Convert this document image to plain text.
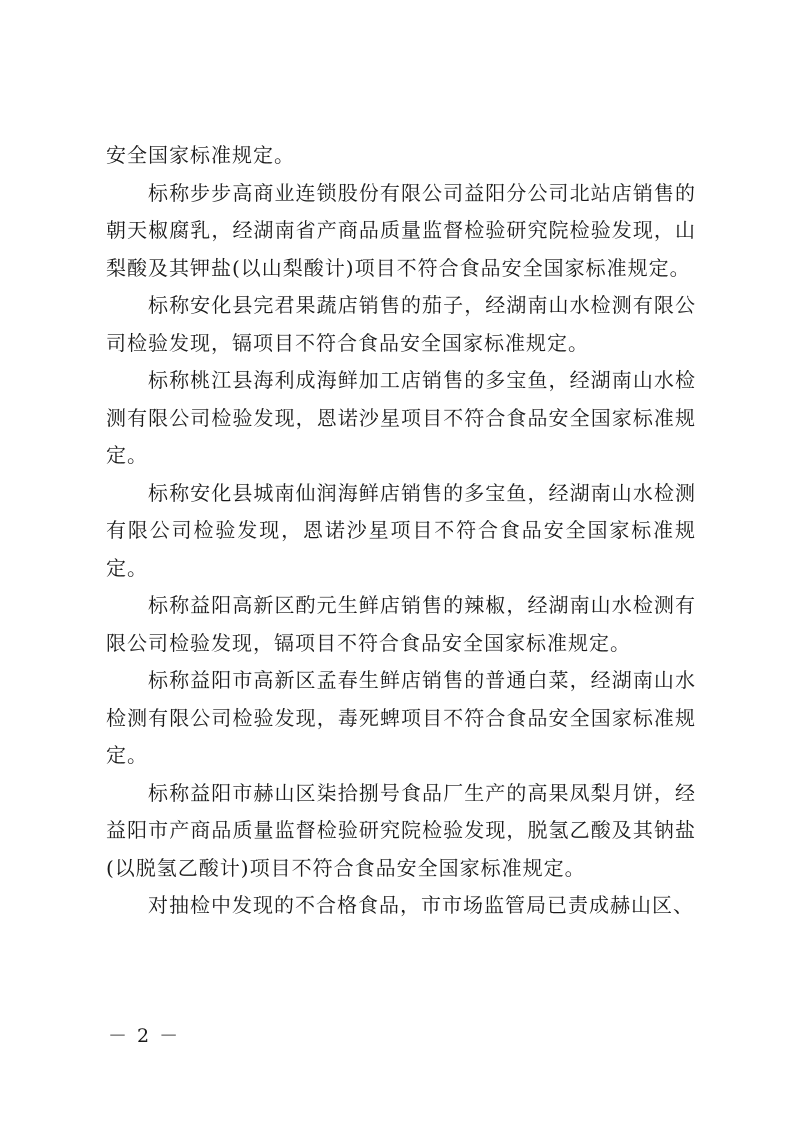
安全国家标准规定。

标称步步高商业连锁股份有限公司益阳分公司北站店销售的朝天椒腐乳，经湖南省产商品质量监督检验研究院检验发现，山梨酸及其钾盐(以山梨酸计)项目不符合食品安全国家标准规定。

标称安化县完君果蔬店销售的茄子，经湖南山水检测有限公司检验发现，镉项目不符合食品安全国家标准规定。

标称桃江县海利成海鲜加工店销售的多宝鱼，经湖南山水检测有限公司检验发现，恩诺沙星项目不符合食品安全国家标准规定。

标称安化县城南仙润海鲜店销售的多宝鱼，经湖南山水检测有限公司检验发现，恩诺沙星项目不符合食品安全国家标准规定。

标称益阳高新区酌元生鲜店销售的辣椒，经湖南山水检测有限公司检验发现，镉项目不符合食品安全国家标准规定。

标称益阳市高新区孟春生鲜店销售的普通白菜，经湖南山水检测有限公司检验发现，毒死蜱项目不符合食品安全国家标准规定。

标称益阳市赫山区柒拾捌号食品厂生产的高果凤梨月饼，经益阳市产商品质量监督检验研究院检验发现，脱氢乙酸及其钠盐(以脱氢乙酸计)项目不符合食品安全国家标准规定。

对抽检中发现的不合格食品，市市场监管局已责成赫山区、

－ 2 －
